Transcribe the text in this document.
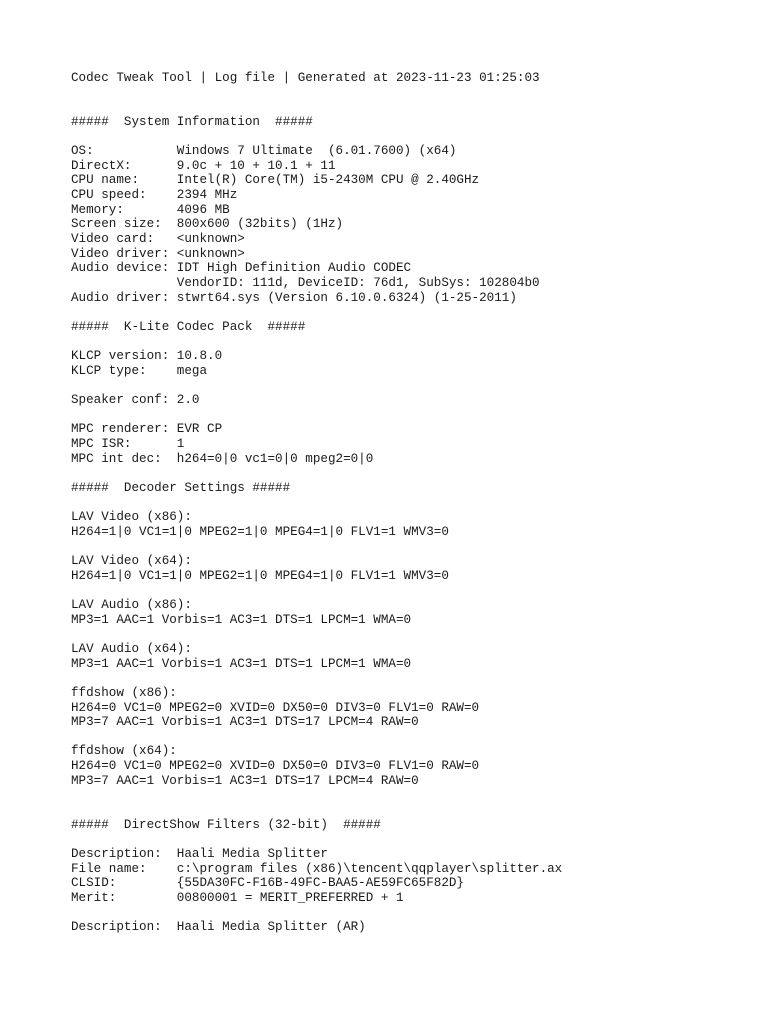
Codec Tweak Tool | Log file | Generated at 2023-11-23 01:25:03
#####  System Information  #####
OS:           Windows 7 Ultimate  (6.01.7600) (x64)
DirectX:      9.0c + 10 + 10.1 + 11
CPU name:     Intel(R) Core(TM) i5-2430M CPU @ 2.40GHz
CPU speed:    2394 MHz
Memory:       4096 MB
Screen size:  800x600 (32bits) (1Hz)
Video card:   <unknown>
Video driver: <unknown>
Audio device: IDT High Definition Audio CODEC
VendorID: 111d, DeviceID: 76d1, SubSys: 102804b0
Audio driver: stwrt64.sys (Version 6.10.0.6324) (1-25-2011)
#####  K-Lite Codec Pack  #####
KLCP version: 10.8.0
KLCP type:    mega
Speaker conf: 2.0
MPC renderer: EVR CP
MPC ISR:      1
MPC int dec:  h264=0|0 vc1=0|0 mpeg2=0|0
#####  Decoder Settings #####
LAV Video (x86):
H264=1|0 VC1=1|0 MPEG2=1|0 MPEG4=1|0 FLV1=1 WMV3=0
LAV Video (x64):
H264=1|0 VC1=1|0 MPEG2=1|0 MPEG4=1|0 FLV1=1 WMV3=0
LAV Audio (x86):
MP3=1 AAC=1 Vorbis=1 AC3=1 DTS=1 LPCM=1 WMA=0
LAV Audio (x64):
MP3=1 AAC=1 Vorbis=1 AC3=1 DTS=1 LPCM=1 WMA=0
ffdshow (x86):
H264=0 VC1=0 MPEG2=0 XVID=0 DX50=0 DIV3=0 FLV1=0 RAW=0
MP3=7 AAC=1 Vorbis=1 AC3=1 DTS=17 LPCM=4 RAW=0
ffdshow (x64):
H264=0 VC1=0 MPEG2=0 XVID=0 DX50=0 DIV3=0 FLV1=0 RAW=0
MP3=7 AAC=1 Vorbis=1 AC3=1 DTS=17 LPCM=4 RAW=0
#####  DirectShow Filters (32-bit)  #####
Description:  Haali Media Splitter
File name:    c:\program files (x86)\tencent\qqplayer\splitter.ax
CLSID:        {55DA30FC-F16B-49FC-BAA5-AE59FC65F82D}
Merit:        00800001 = MERIT_PREFERRED + 1
Description:  Haali Media Splitter (AR)
